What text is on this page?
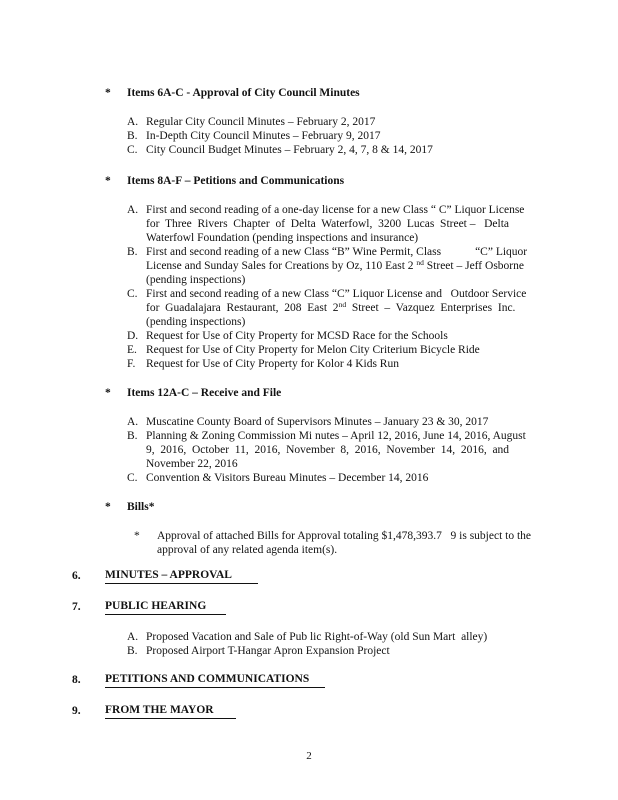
*	Items 6A-C - Approval of City Council Minutes
A. Regular City Council Minutes – February 2, 2017
B. In-Depth City Council Minutes – February 9, 2017
C. City Council Budget Minutes – February 2, 4, 7, 8 & 14, 2017
*	Items 8A-F – Petitions and Communications
A. First and second reading of a one-day license for a new Class “ C” Liquor License
for  Three  Rivers  Chapter  of  Delta  Waterfowl,  3200  Lucas  Street –   Delta
Waterfowl Foundation (pending inspections and insurance)
B. First and second reading of a new Class “B” Wine Permit, Class	“C” Liquor
License and Sunday Sales for Creations by Oz, 110 East 2 $^{nd}$ Street – Jeff Osborne
(pending inspections)
C. First and second reading of a new Class “C” Liquor License and   Outdoor Service
for  Guadalajara  Restaurant,  208  East  2nd  Street  –  Vazquez  Enterprises  Inc.
(pending inspections)
D. Request for Use of City Property for MCSD Race for the Schools
E. Request for Use of City Property for Melon City Criterium Bicycle Ride
F. Request for Use of City Property for Kolor 4 Kids Run
*	Items 12A-C – Receive and File
A. Muscatine County Board of Supervisors Minutes – January 23 & 30, 2017
B. Planning & Zoning Commission Mi nutes – April 12, 2016, June 14, 2016, August
9,  2016,  October  11,  2016,  November  8,  2016,  November  14,  2016,  and
November 22, 2016
C. Convention & Visitors Bureau Minutes – December 14, 2016
*	Bills*
*	Approval of attached Bills for Approval totaling $1,478,393.7   9 is subject to the
approval of any related agenda item(s).
6.	MINUTES – APPROVAL
7.	PUBLIC HEARING
A. Proposed Vacation and Sale of Pub lic Right-of-Way (old Sun Mart  alley)
B. Proposed Airport T-Hangar Apron Expansion Project
8.	PETITIONS AND COMMUNICATIONS
9.	FROM THE MAYOR
2
